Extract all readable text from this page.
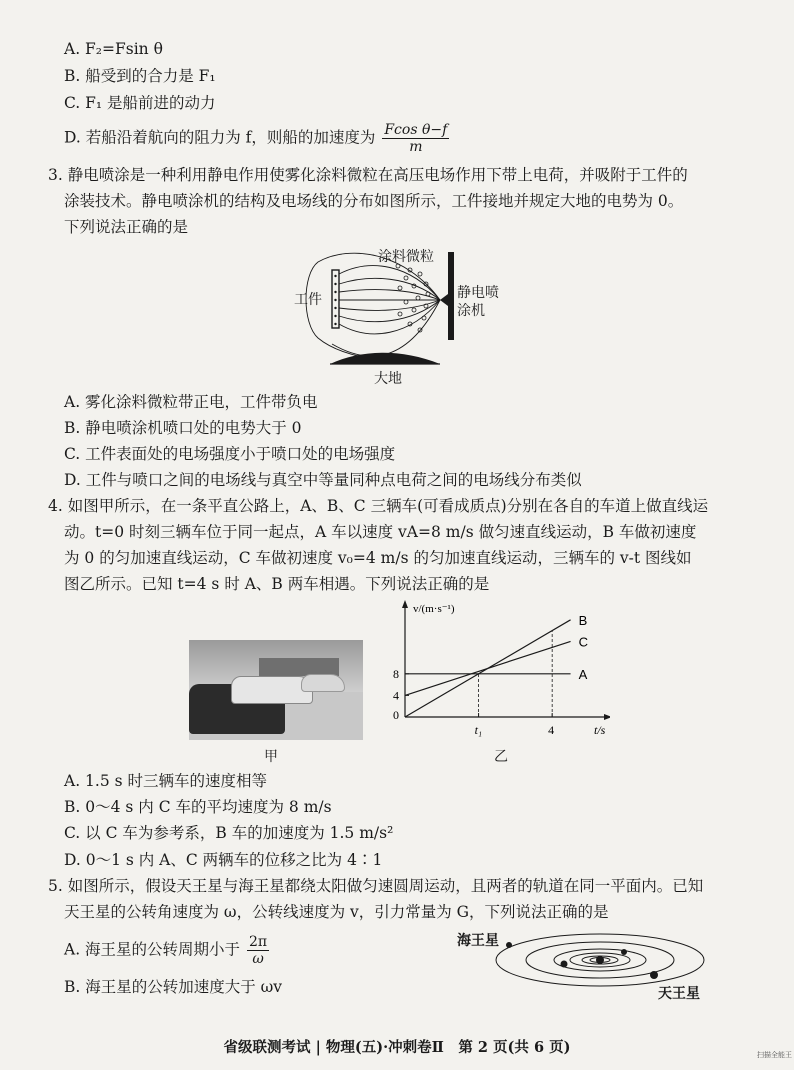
A. F₂=Fsin θ
B. 船受到的合力是 F₁
C. F₁ 是船前进的动力
D. 若船沿着航向的阻力为 f，则船的加速度为 $\frac{\text{Fcos θ−f}}{m}$
3. 静电喷涂是一种利用静电作用使雾化涂料微粒在高压电场作用下带上电荷，并吸附于工件的
涂装技术。静电喷涂机的结构及电场线的分布如图所示，工件接地并规定大地的电势为 0。
下列说法正确的是
涂料微粒
工件	静电喷
涂机
大地
A. 雾化涂料微粒带正电，工件带负电
B. 静电喷涂机喷口处的电势大于 0
C. 工件表面处的电场强度小于喷口处的电场强度
D. 工件与喷口之间的电场线与真空中等量同种点电荷之间的电场线分布类似
4. 如图甲所示，在一条平直公路上，A、B、C 三辆车(可看成质点)分别在各自的车道上做直线运
动。t=0 时刻三辆车位于同一起点，A 车以速度 vA=8 m/s 做匀速直线运动，B 车做初速度
为 0 的匀加速直线运动，C 车做初速度 v₀=4 m/s 的匀加速直线运动，三辆车的 v-t 图线如
图乙所示。已知 t=4 s 时 A、B 两车相遇。下列说法正确的是
甲
A
B
C
0
4
8
t₁	4
v/(m·s⁻¹)
t/s
乙
A. 1.5 s 时三辆车的速度相等
B. 0～4 s 内 C 车的平均速度为 8 m/s
C. 以 C 车为参考系，B 车的加速度为 1.5 m/s²
D. 0～1 s 内 A、C 两辆车的位移之比为 4∶1
5. 如图所示，假设天王星与海王星都绕太阳做匀速圆周运动，且两者的轨道在同一平面内。已知
天王星的公转角速度为 ω，公转线速度为 v，引力常量为 G，下列说法正确的是
A. 海王星的公转周期小于 $\frac{2\pi}{\omega}$
B. 海王星的公转加速度大于 ωv
海王星
天王星
省级联测考试 | 物理(五)·冲刺卷Ⅱ　第 2 页(共 6 页)	扫描全能王
